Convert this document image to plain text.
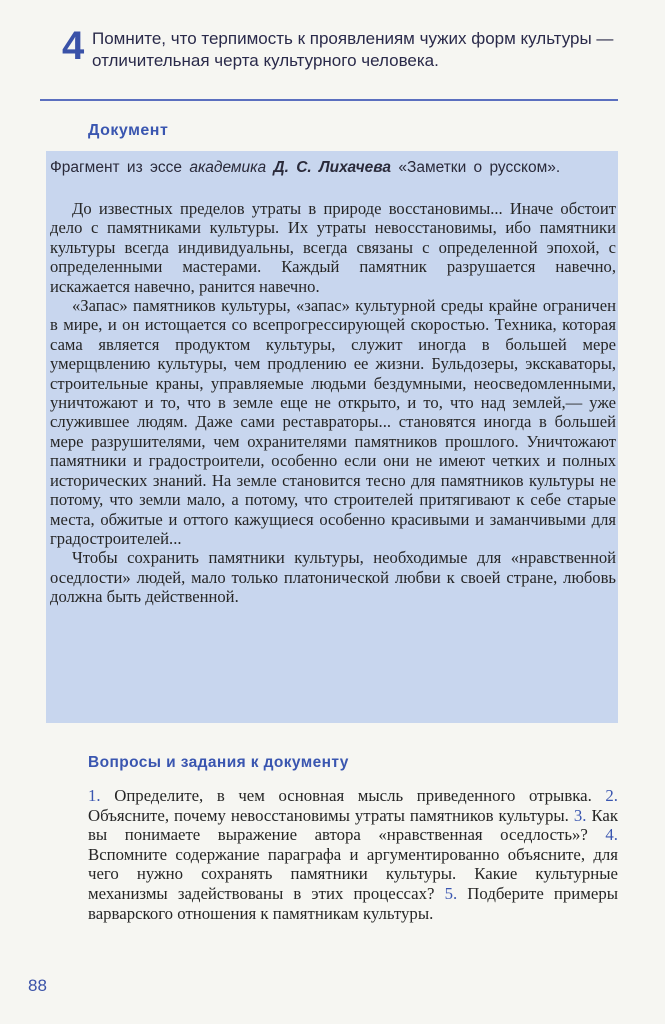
4 Помните, что терпимость к проявлениям чужих форм культуры — отличительная черта культурного человека.
Документ
Фрагмент из эссе академика Д. С. Лихачева «Заметки о русском».

До известных пределов утраты в природе восстановимы... Иначе обстоит дело с памятниками культуры. Их утраты невосстановимы, ибо памятники культуры всегда индивидуальны, всегда связаны с определенной эпохой, с определенными мастерами. Каждый памятник разрушается навечно, искажается навечно, ранится навечно.

«Запас» памятников культуры, «запас» культурной среды крайне ограничен в мире, и он истощается со всепрогрессирующей скоростью. Техника, которая сама является продуктом культуры, служит иногда в большей мере умерщвлению культуры, чем продлению ее жизни. Бульдозеры, экскаваторы, строительные краны, управляемые людьми бездумными, неосведомленными, уничтожают и то, что в земле еще не открыто, и то, что над землей,— уже служившее людям. Даже сами реставраторы... становятся иногда в большей мере разрушителями, чем охранителями памятников прошлого. Уничтожают памятники и градостроители, особенно если они не имеют четких и полных исторических знаний. На земле становится тесно для памятников культуры не потому, что земли мало, а потому, что строителей притягивают к себе старые места, обжитые и оттого кажущиеся особенно красивыми и заманчивыми для градостроителей...

Чтобы сохранить памятники культуры, необходимые для «нравственной оседлости» людей, мало только платонической любви к своей стране, любовь должна быть действенной.

Вопросы и задания к документу
1. Определите, в чем основная мысль приведенного отрывка. 2. Объясните, почему невосстановимы утраты памятников культуры. 3. Как вы понимаете выражение автора «нравственная оседлость»? 4. Вспомните содержание параграфа и аргументированно объясните, для чего нужно сохранять памятники культуры. Какие культурные механизмы задействованы в этих процессах? 5. Подберите примеры варварского отношения к памятникам культуры.
88
